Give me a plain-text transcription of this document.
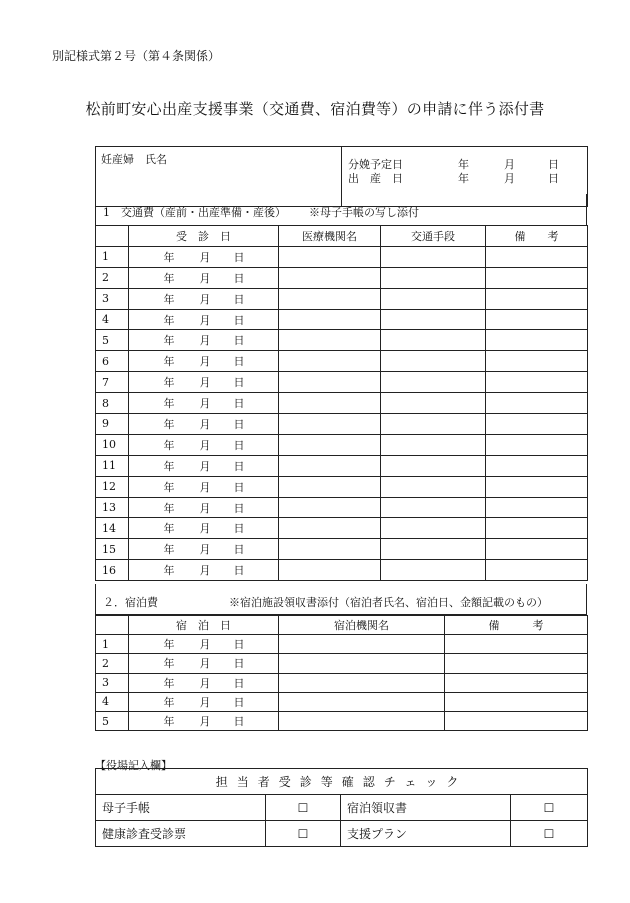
別記様式第２号（第４条関係）
松前町安心出産支援事業（交通費、宿泊費等）の申請に伴う添付書
妊産婦　氏名	分娩予定日	年	月	日
出　産　日	年	月	日
1　交通費（産前・出産準備・産後） ※母子手帳の写し添付
	受　診　日	医療機関名	交通手段	備　　考
1	年 月 日			

2	年 月 日			

3	年 月 日			

4	年 月 日			

5	年 月 日			

6	年 月 日			

7	年 月 日			

8	年 月 日			

9	年 月 日			

10	年 月 日			

11	年 月 日			

12	年 月 日			

13	年 月 日			

14	年 月 日			

15	年 月 日			

16	年 月 日			

２．宿泊費	※宿泊施設領収書添付（宿泊者氏名、宿泊日、金額記載のもの）
	宿　泊　日	宿泊機関名	備　　　考
1	年 月 日		

2	年 月 日		

3	年 月 日		

4	年 月 日		

5	年 月 日		

【役場記入欄】
担当者受診等確認チェック			
母子手帳	☐	宿泊領収書	☐
健康診査受診票	☐	支援プラン	☐
